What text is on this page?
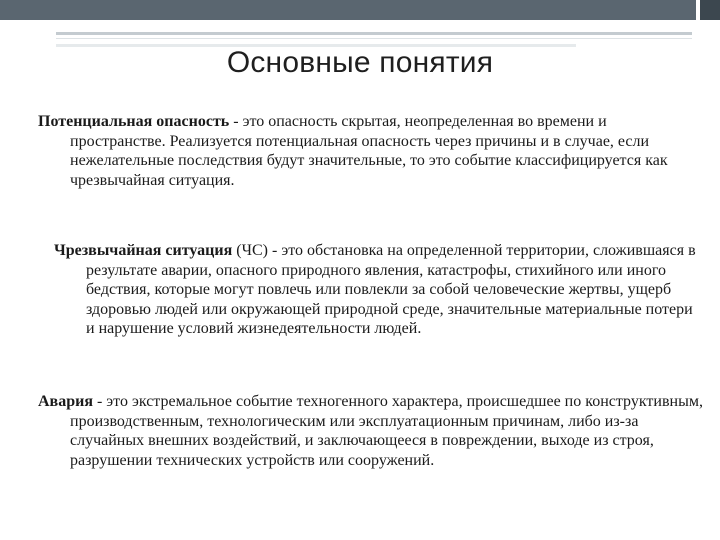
Основные понятия
Потенциальная опасность - это опасность скрытая, неопределенная во времени и пространстве. Реализуется потенциальная опасность через причины и в случае, если нежелательные последствия будут значительные, то это событие классифицируется как чрезвычайная ситуация.
Чрезвычайная ситуация (ЧС) - это обстановка на определенной территории, сложившаяся в результате аварии, опасного природного явления, катастрофы, стихийного или иного бедствия, которые могут повлечь или повлекли за собой человеческие жертвы, ущерб здоровью людей или окружающей природной среде, значительные материальные потери и нарушение условий жизнедеятельности людей.
Авария - это экстремальное событие техногенного характера, происшедшее по конструктивным, производственным, технологическим или эксплуатационным причинам, либо из-за случайных внешних воздействий, и заключающееся в повреждении, выходе из строя, разрушении технических устройств или сооружений.
